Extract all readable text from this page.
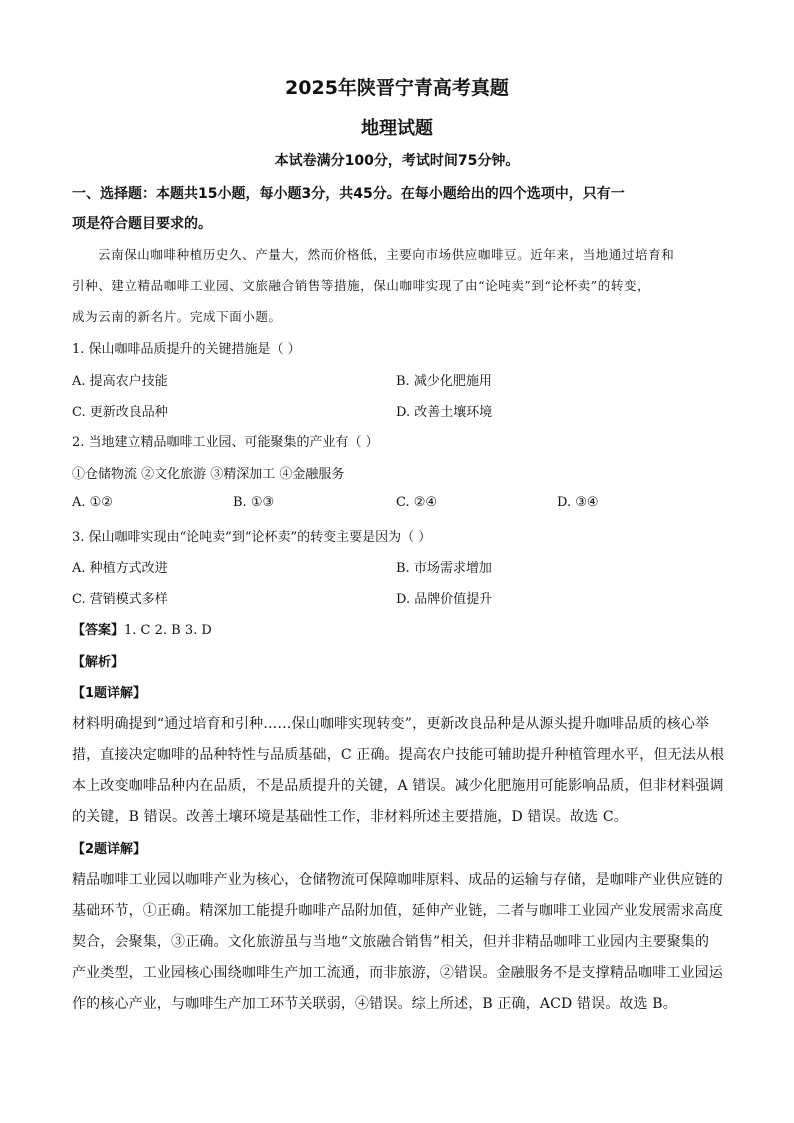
2025年陕晋宁青高考真题
地理试题
本试卷满分100分，考试时间75分钟。
一、选择题：本题共15小题，每小题3分，共45分。在每小题给出的四个选项中，只有一
项是符合题目要求的。
云南保山咖啡种植历史久、产量大，然而价格低，主要向市场供应咖啡豆。近年来，当地通过培育和
引种、建立精品咖啡工业园、文旅融合销售等措施，保山咖啡实现了由“论吨卖”到“论杯卖”的转变，
成为云南的新名片。完成下面小题。
1. 保山咖啡品质提升的关键措施是（ ）
A. 提高农户技能	B. 减少化肥施用
C. 更新改良品种	D. 改善土壤环境
2. 当地建立精品咖啡工业园、可能聚集的产业有（ ）
①仓储物流 ②文化旅游 ③精深加工 ④金融服务
A. ①②	B. ①③	C. ②④	D. ③④
3. 保山咖啡实现由“论吨卖”到“论杯卖”的转变主要是因为（ ）
A. 种植方式改进	B. 市场需求增加
C. 营销模式多样	D. 品牌价值提升
【答案】1. C 2. B 3. D
【解析】
【1题详解】
材料明确提到“通过培育和引种……保山咖啡实现转变”，更新改良品种是从源头提升咖啡品质的核心举
措，直接决定咖啡的品种特性与品质基础，C 正确。提高农户技能可辅助提升种植管理水平，但无法从根
本上改变咖啡品种内在品质，不是品质提升的关键，A 错误。减少化肥施用可能影响品质，但非材料强调
的关键，B 错误。改善土壤环境是基础性工作，非材料所述主要措施，D 错误。故选 C。
【2题详解】
精品咖啡工业园以咖啡产业为核心，仓储物流可保障咖啡原料、成品的运输与存储，是咖啡产业供应链的
基础环节，①正确。精深加工能提升咖啡产品附加值，延伸产业链，二者与咖啡工业园产业发展需求高度
契合，会聚集，③正确。文化旅游虽与当地“文旅融合销售”相关，但并非精品咖啡工业园内主要聚集的
产业类型，工业园核心围绕咖啡生产加工流通，而非旅游，②错误。金融服务不是支撑精品咖啡工业园运
作的核心产业，与咖啡生产加工环节关联弱，④错误。综上所述，B 正确，ACD 错误。故选 B。
